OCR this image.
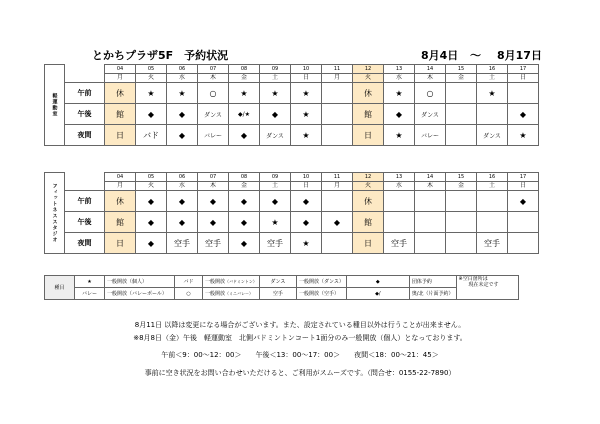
とかちプラザ5F　予約状況	8月4日 ～ 8月17日
軽運動室		04	05	06	07	08	09	10	11	12	13	14	15	16	17
		月	火	水	木	金	土	日	月	火	水	木	金	土	日
	午前	休	★	★	○	★	★	★		休	★	○		★	
	午後	館	◆	◆	ダンス	◆/★	◆	★		館	◆	ダンス			◆
	夜間	日	バド	◆	バレー	◆	ダンス	★		日	★	バレー		ダンス	★
フィットネススタジオ		04	05	06	07	08	09	10	11	12	13	14	15	16	17
		月	火	水	木	金	土	日	月	火	水	木	金	土	日
	午前	休	◆	◆	◆	◆	◆	◆		休					◆
	午後	館	◆	◆	◆	◆	★	◆	◆	館					
	夜間	日	◆	空手	空手	◆	空手	★		日	空手			空手	
種目	★	一般開放（個人）	バド	一般開放（バドミントン）	ダンス	一般開放（ダンス）	◆	団体予約	※空白箇所は
現在未定です

	バレー	一般開放（バレーボール）	○	一般開放（ミニバレー）	空手	一般開放（空手）	◆/	奥/北（片面予約）	
8月11日 以降は変更になる場合がございます。また、設定されている種目以外は行うことが出来ません。
※8月8日（金）午後　軽運動室　北側バドミントンコート1面分のみ一般開放（個人）となっております。
午前＜9：00～12：00＞　　午後＜13：00～17：00＞　　夜間＜18：00～21：45＞
事前に空き状況をお問い合わせいただけると、ご利用がスムーズです。（問合せ：0155-22-7890）
